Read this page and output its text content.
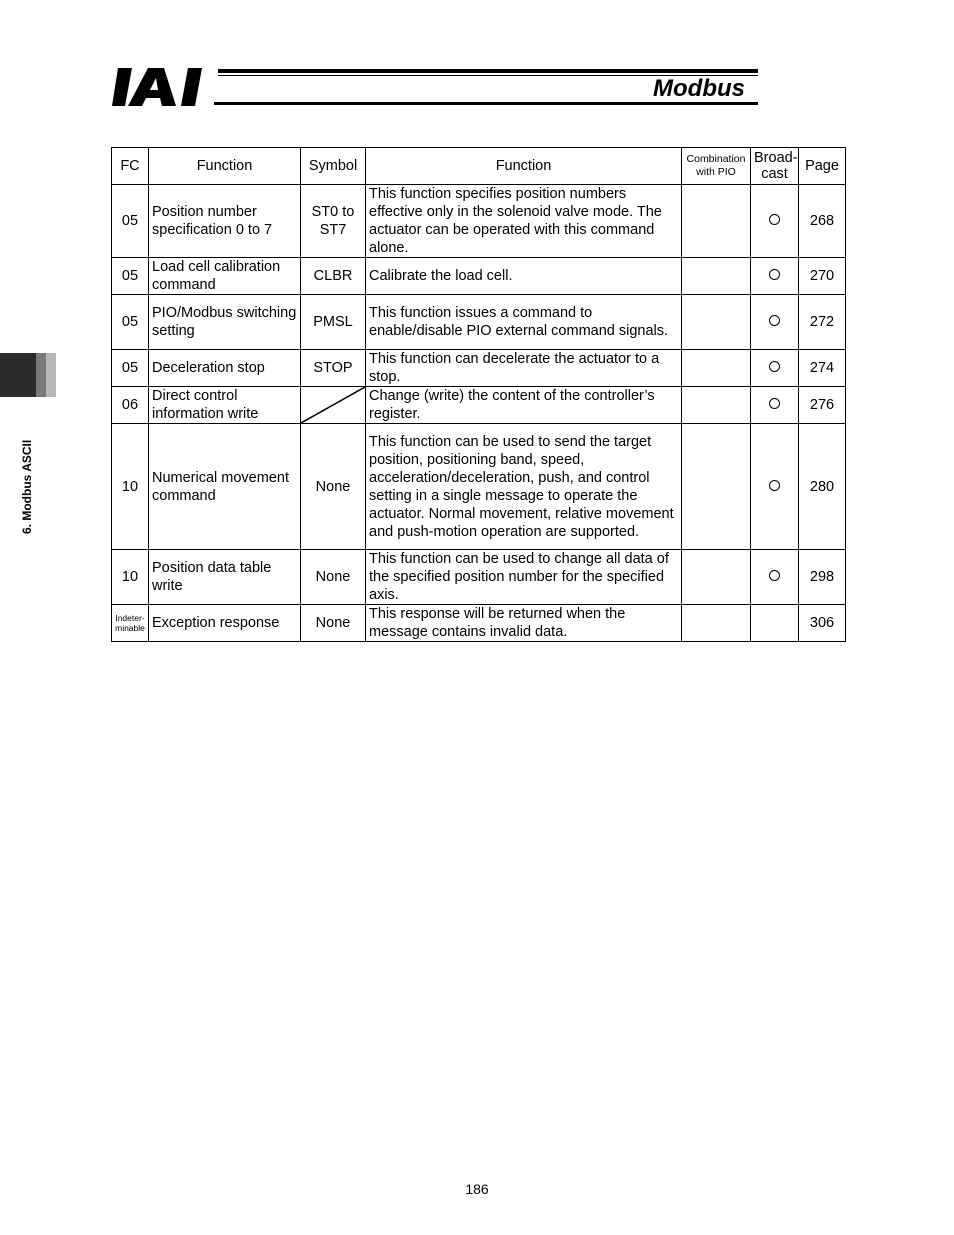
Modbus
6. Modbus ASCII
FC	Function	Symbol	Function	Combination with PIO	Broad-cast	Page
05	Position number specification 0 to 7	ST0 to ST7	This function specifies position numbers effective only in the solenoid valve mode. The actuator can be operated with this command alone.			268
05	Load cell calibration command	CLBR	Calibrate the load cell.			270
05	PIO/Modbus switching setting	PMSL	This function issues a command to enable/disable PIO external command signals.			272
05	Deceleration stop	STOP	This function can decelerate the actuator to a stop.			274
06	Direct control information write		Change (write) the content of the controller’s register.			276
10	Numerical movement command	None	This function can be used to send the target position, positioning band, speed, acceleration/deceleration, push, and control setting in a single message to operate the actuator. Normal movement, relative movement and push-motion operation are supported.			280
10	Position data table write	None	This function can be used to change all data of the specified position number for the specified axis.			298
Indeter-minable	Exception response	None	This response will be returned when the message contains invalid data.			306
186
